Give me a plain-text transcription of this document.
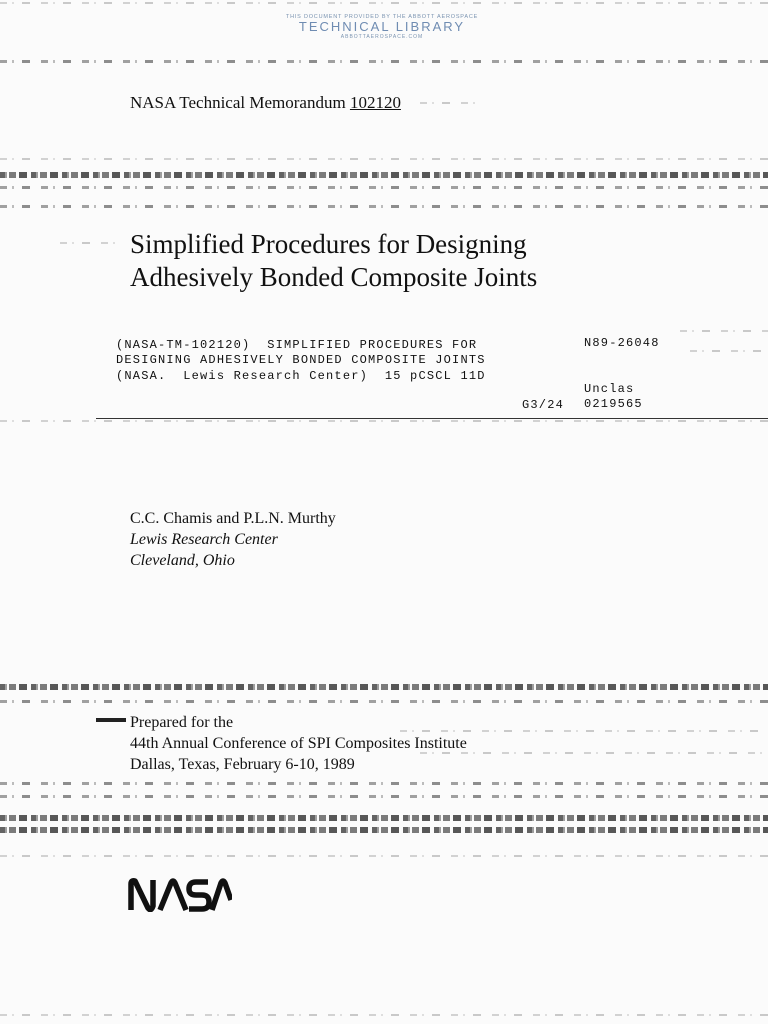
THIS DOCUMENT PROVIDED BY THE ABBOTT AEROSPACE
TECHNICAL LIBRARY
ABBOTTAEROSPACE.COM
NASA Technical Memorandum 102120
Simplified Procedures for Designing
Adhesively Bonded Composite Joints
(NASA-TM-102120)  SIMPLIFIED PROCEDURES FOR
DESIGNING ADHESIVELY BONDED COMPOSITE JOINTS
(NASA.  Lewis Research Center)  15 pCSCL 11D
N89-26048
Unclas
G3/24 0219565
C.C. Chamis and P.L.N. Murthy
Lewis Research Center
Cleveland, Ohio
Prepared for the
44th Annual Conference of SPI Composites Institute
Dallas, Texas, February 6-10, 1989
